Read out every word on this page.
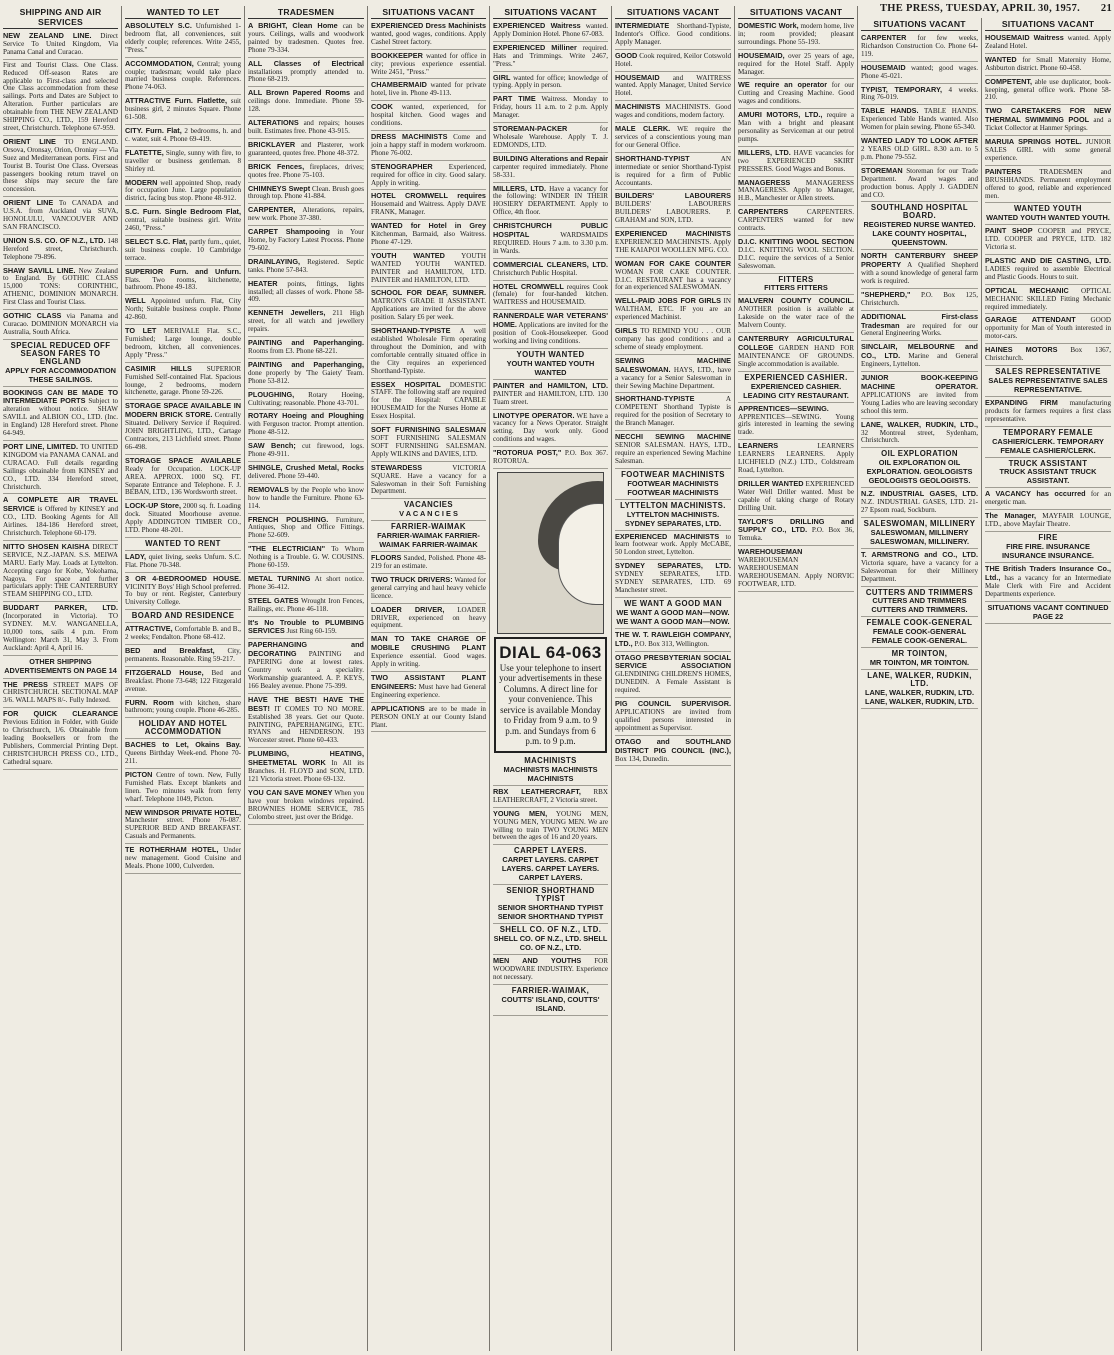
THE PRESS, TUESDAY, APRIL 30, 1957. 21
SHIPPING AND AIR SERVICES
NEW ZEALAND LINE. Direct Service To United Kingdom, Via Panama Canal and Curacao.
First and Tourist Class. One Class. Reduced Off-season Rates are applicable to First-class and selected One Class accommodation from these sailings. Ports and Dates are Subject to Alteration. Further particulars are obtainable from THE NEW ZEALAND SHIPPING CO., LTD., 159 Hereford street, Christchurch. Telephone 67-959.
ORIENT LINE TO ENGLAND. Orsova, Oronsay, Orion, Oroniay — Via Suez and Mediterranean ports. First and Tourist B. Tourist One Class. Overseas passengers booking return travel on these ships may secure the fare concession.
ORIENT LINE To CANADA and U.S.A. from Auckland via SUVA, HONOLULU, VANCOUVER AND SAN FRANCISCO.
UNION S.S. CO. OF N.Z., LTD. 148 Hereford street, Christchurch. Telephone 79-896.
SHAW SAVILL LINE. New Zealand to England. By GOTHIC CLASS 15,000 TONS: CORINTHIC, ATHENIC, DOMINION MONARCH. First Class and Tourist Class.
GOTHIC CLASS via Panama and Curacao. DOMINION MONARCH via Australia, South Africa.
SPECIAL REDUCED OFF SEASON FARES TO ENGLAND
APPLY FOR ACCOMMODATION THESE SAILINGS.
BOOKINGS CAN BE MADE TO INTERMEDIATE PORTS Subject to alteration without notice. SHAW SAVILL and ALBION CO., LTD. (Inc. in England) 128 Hereford street. Phone 64-949.
PORT LINE, LIMITED. TO UNITED KINGDOM via PANAMA CANAL and CURACAO. Full details regarding Sailings obtainable from KINSEY and CO., LTD. 334 Hereford street, Christchurch.
A COMPLETE AIR TRAVEL SERVICE is Offered by KINSEY and CO., LTD. Booking Agents for All Airlines. 184-186 Hereford street, Christchurch. Telephone 60-179.
NITTO SHOSEN KAISHA DIRECT SERVICE, N.Z.-JAPAN. S.S. MEIWA MARU. Early May. Loads at Lyttelton. Accepting cargo for Kobe, Yokohama, Nagoya. For space and further particulars apply: THE CANTERBURY STEAM SHIPPING CO., LTD.
BUDDART PARKER, LTD. (Incorporated in Victoria). TO SYDNEY. M.V. WANGANELLA, 10,000 tons, sails 4 p.m. From Wellington: March 31, May 3. From Auckland: April 4, April 16.
OTHER SHIPPING ADVERTISEMENTS ON PAGE 14
THE PRESS STREET MAPS OF CHRISTCHURCH. SECTIONAL MAP 3/6. WALL MAPS 8/-. Fully Indexed.
FOR QUICK CLEARANCE Previous Edition in Folder, with Guide to Christchurch, 1/6. Obtainable from leading Booksellers or from the Publishers, Commercial Printing Dept. CHRISTCHURCH PRESS CO., LTD., Cathedral square.
WANTED TO LET
ABSOLUTELY S.C. Unfurnished 1-bedroom flat, all conveniences, suit elderly couple; references. Write 2455, "Press."
ACCOMMODATION, Central; young couple; tradesman; would take place married business couple. References. Phone 74-063.
ATTRACTIVE Furn. Flatlette, suit business girl, 2 minutes Square. Phone 61-508.
CITY. Furn. Flat, 2 bedrooms, h. and c. water, suit 4. Phone 69-419.
FLATETTE, Single, sunny with fire, to traveller or business gentleman. 8 Shirley rd.
MODERN well appointed Shop, ready for occupation June. Large population district, facing bus stop. Phone 48-912.
S.C. Furn. Single Bedroom Flat, central, suitable business girl. Write 2460, "Press."
SELECT S.C. Flat, partly furn., quiet, suit business couple. 10 Cambridge terrace.
SUPERIOR Furn. and Unfurn. Flats. Two rooms, kitchenette, bathroom. Phone 49-183.
WELL Appointed unfurn. Flat, City North; Suitable business couple. Phone 42-860.
TO LET MERIVALE Flat. S.C., Furnished; Large lounge, double bedroom, kitchen, all conveniences. Apply "Press."
CASIMIR HILLS SUPERIOR Furnished Self-contained Flat. Spacious lounge, 2 bedrooms, modern kitchenette, garage. Phone 59-226.
STORAGE SPACE AVAILABLE IN MODERN BRICK STORE. Centrally Situated. Delivery Service if Required. JOHN BRIGHTLING, LTD., Cartage Contractors, 213 Lichfield street. Phone 66-498.
STORAGE SPACE AVAILABLE Ready for Occupation. LOCK-UP AREA. APPROX. 1000 SQ. FT. Separate Entrance and Telephone. F. J. BEBAN, LTD., 136 Wordsworth street.
LOCK-UP Store, 2000 sq. ft. Loading dock. Situated Moorhouse avenue. Apply ADDINGTON TIMBER CO., LTD. Phone 48-201.
WANTED TO RENT
LADY, quiet living, seeks Unfurn. S.C. Flat. Phone 70-348.
3 OR 4-BEDROOMED HOUSE. VICINITY Boys' High School preferred. To buy or rent. Register, Canterbury University College.
BOARD AND RESIDENCE
ATTRACTIVE, Comfortable B. and B., 2 weeks; Fendalton. Phone 68-412.
BED and Breakfast, City, permanents. Reasonable. Ring 59-217.
FITZGERALD House, Bed and Breakfast. Phone 73-648; 122 Fitzgerald avenue.
FURN. Room with kitchen, share bathroom; young couple. Phone 46-285.
HOLIDAY AND HOTEL ACCOMMODATION
BACHES to Let, Okains Bay. Queens Birthday Week-end. Phone 70-211.
PICTON Centre of town. New, Fully Furnished Flats. Except blankets and linen. Two minutes walk from ferry wharf. Telephone 1049, Picton.
NEW WINDSOR PRIVATE HOTEL, Manchester street. Phone 76-087. SUPERIOR BED AND BREAKFAST. Casuals and Permanents.
TE ROTHERHAM HOTEL, Under new management. Good Cuisine and Meals. Phone 1000, Culverden.
TRADESMEN
A BRIGHT, Clean Home can be yours. Ceilings, walls and woodwork painted by tradesmen. Quotes free. Phone 79-334.
ALL Classes of Electrical installations promptly attended to. Phone 68-219.
ALL Brown Papered Rooms and ceilings done. Immediate. Phone 59-128.
ALTERATIONS and repairs; houses built. Estimates free. Phone 43-915.
BRICKLAYER and Plasterer, work guaranteed, quotes free. Phone 48-372.
BRICK Fences, fireplaces, drives; quotes free. Phone 75-103.
CHIMNEYS Swept Clean. Brush goes through top. Phone 41-884.
CARPENTER, Alterations, repairs, new work. Phone 37-380.
CARPET Shampooing in Your Home, by Factory Latest Process. Phone 79-602.
DRAINLAYING, Registered. Septic tanks. Phone 57-843.
HEATER points, fittings, lights installed; all classes of work. Phone 58-409.
KENNETH Jewellers, 211 High street, for all watch and jewellery repairs.
PAINTING and Paperhanging. Rooms from £3. Phone 68-221.
PAINTING and Paperhanging, done properly by 'The Gaiety' Team. Phone 53-812.
PLOUGHING, Rotary Hoeing, Cultivating; reasonable. Phone 43-701.
ROTARY Hoeing and Ploughing with Ferguson tractor. Prompt attention. Phone 48-512.
SAW Bench; cut firewood, logs. Phone 49-911.
SHINGLE, Crushed Metal, Rocks delivered. Phone 59-440.
REMOVALS by the People who know how to handle the Furniture. Phone 63-114.
FRENCH POLISHING. Furniture, Antiques, Shop and Office Fittings. Phone 52-609.
"THE ELECTRICIAN" To Whom Nothing is a Trouble. G. W. COUSINS. Phone 60-159.
METAL TURNING At short notice. Phone 36-412.
STEEL GATES Wrought Iron Fences, Railings, etc. Phone 46-118.
It's No Trouble to PLUMBING SERVICES Just Ring 60-159.
PAPERHANGING and DECORATING PAINTING and PAPERING done at lowest rates. Country work a speciality. Workmanship guaranteed. A. P. KEYS, 166 Bealey avenue. Phone 75-399.
HAVE THE BEST! HAVE THE BEST! IT COMES TO NO MORE. Established 38 years. Get our Quote. PAINTING, PAPERHANGING, ETC. RYANS and HENDERSON. 193 Worcester street. Phone 60-433.
PLUMBING, HEATING, SHEETMETAL WORK In All its Branches. H. FLOYD and SON, LTD. 121 Victoria street. Phone 69-132.
YOU CAN SAVE MONEY When you have your broken windows repaired. BROWNIES HOME SERVICE, 785 Colombo street, just over the Bridge.
SITUATIONS VACANT
EXPERIENCED Dress Machinists wanted, good wages, conditions. Apply Cashel Street factory.
BOOKKEEPER wanted for office in city; previous experience essential. Write 2451, "Press."
CHAMBERMAID wanted for private hotel, live in. Phone 49-113.
COOK wanted, experienced, for hospital kitchen. Good wages and conditions.
DRESS MACHINISTS Come and join a happy staff in modern workroom. Phone 76-002.
STENOGRAPHER Experienced, required for office in city. Good salary. Apply in writing.
HOTEL CROMWELL requires Housemaid and Waitress. Apply DAVE FRANK, Manager.
WANTED for Hotel in Grey Kitchenman, Barmaid, also Waitress. Phone 47-129.
YOUTH WANTED YOUTH WANTED YOUTH WANTED. PAINTER and HAMILTON, LTD. PAINTER and HAMILTON, LTD.
SCHOOL FOR DEAF, SUMNER. MATRON'S GRADE II ASSISTANT. Applications are invited for the above position. Salary £6 per week.
SHORTHAND-TYPISTE A well established Wholesale Firm operating throughout the Dominion, and with comfortable centrally situated office in the City requires an experienced Shorthand-Typiste.
ESSEX HOSPITAL DOMESTIC STAFF. The following staff are required for the Hospital: CAPABLE HOUSEMAID for the Nurses Home at Essex Hospital.
SOFT FURNISHING SALESMAN SOFT FURNISHING SALESMAN SOFT FURNISHING SALESMAN. Apply WILKINS and DAVIES, LTD.
STEWARDESS	VICTORIA SQUARE. Have a vacancy for a Saleswoman in their Soft Furnishing Department.
VACANCIES
V A C A N C I E S
FARRIER-WAIMAK
FARRIER-WAIMAK FARRIER-WAIMAK FARRIER-WAIMAK
FLOORS Sanded, Polished. Phone 48-219 for an estimate.
TWO TRUCK DRIVERS: Wanted for general carrying and haul heavy vehicle licence.
LOADER DRIVER, LOADER DRIVER, experienced on heavy equipment.
MAN TO TAKE CHARGE OF MOBILE CRUSHING PLANT Experience essential. Good wages. Apply in writing.
TWO ASSISTANT PLANT ENGINEERS: Must have had General Engineering experience.
APPLICATIONS are to be made in PERSON ONLY at our County Island Plant.
SITUATIONS VACANT
EXPERIENCED Waitress wanted. Apply Dominion Hotel. Phone 67-083.
EXPERIENCED Milliner required. Hats and Trimmings. Write 2467, "Press."
GIRL wanted for office; knowledge of typing. Apply in person.
PART TIME Waitress. Monday to Friday, hours 11 a.m. to 2 p.m. Apply Manager.
STOREMAN-PACKER	for Wholesale Warehouse. Apply T. J. EDMONDS, LTD.
BUILDING Alterations and Repair carpenter required immediately. Phone 58-331.
MILLERS, LTD. Have a vacancy for the following: WINDER IN THEIR HOSIERY DEPARTMENT. Apply to Office, 4th floor.
CHRISTCHURCH PUBLIC HOSPITAL	WARDSMAIDS REQUIRED. Hours 7 a.m. to 3.30 p.m. in Wards.
COMMERCIAL CLEANERS, LTD. Christchurch Public Hospital.
HOTEL CROMWELL requires Cook (female) for four-handed kitchen. WAITRESS and HOUSEMAID.
RANNERDALE WAR VETERANS' HOME. Applications are invited for the position of Cook-Housekeeper. Good working and living conditions.
YOUTH WANTED
YOUTH WANTED YOUTH WANTED
PAINTER and HAMILTON, LTD. PAINTER and HAMILTON, LTD. 130 Tuam street.
LINOTYPE OPERATOR. WE have a vacancy for a News Operator. Straight setting. Day work only. Good conditions and wages.
"ROTORUA POST," P.O. Box 367. ROTORUA.
DIAL 64-063
Use your telephone to insert your advertisements in these Columns. A direct line for your convenience. This service is available Monday to Friday from 9 a.m. to 9 p.m. and Sundays from 6 p.m. to 9 p.m.
MACHINISTS
MACHINISTS MACHINISTS MACHINISTS
RBX LEATHERCRAFT, RBX LEATHERCRAFT, 2 Victoria street.
YOUNG MEN, YOUNG MEN, YOUNG MEN, YOUNG MEN. We are willing to train TWO YOUNG MEN between the ages of 16 and 20 years.
CARPET LAYERS.
CARPET LAYERS. CARPET LAYERS. CARPET LAYERS. CARPET LAYERS.
SENIOR SHORTHAND TYPIST
SENIOR SHORTHAND TYPIST SENIOR SHORTHAND TYPIST
SHELL CO. OF N.Z., LTD.
SHELL CO. OF N.Z., LTD. SHELL CO. OF N.Z., LTD.
MEN AND YOUTHS FOR WOODWARE INDUSTRY. Experience not necessary.
FARRIER-WAIMAK,
COUTTS' ISLAND, COUTTS' ISLAND.
SITUATIONS VACANT
INTERMEDIATE Shorthand-Typiste, Indentor's Office. Good conditions. Apply Manager.
GOOD Cook required, Keilor Cotswold Hotel.
HOUSEMAID and WAITRESS wanted. Apply Manager, United Service Hotel.
MACHINISTS MACHINISTS. Good wages and conditions, modern factory.
MALE CLERK. WE require the services of a conscientious young man for our General Office.
SHORTHAND-TYPIST	AN intermediate or senior Shorthand-Typist is required for a firm of Public Accountants.
BUILDERS' LABOURERS BUILDERS' LABOURERS BUILDERS' LABOURERS. P. GRAHAM and SON, LTD.
EXPERIENCED MACHINISTS EXPERIENCED MACHINISTS. Apply THE KAIAPOI WOOLLEN MFG. CO.
WOMAN FOR CAKE COUNTER WOMAN FOR CAKE COUNTER. D.I.C. RESTAURANT has a vacancy for an experienced SALESWOMAN.
WELL-PAID JOBS FOR GIRLS IN WALTHAM, ETC. IF you are an experienced Machinist.
GIRLS TO REMIND YOU . . . OUR company has good conditions and a scheme of steady employment.
SEWING MACHINE SALESWOMAN. HAYS, LTD., have a vacancy for a Senior Saleswoman in their Sewing Machine Department.
SHORTHAND-TYPISTE	A COMPETENT Shorthand Typiste is required for the position of Secretary to the Branch Manager.
NECCHI SEWING MACHINE SENIOR SALESMAN. HAYS, LTD., require an experienced Sewing Machine Salesman.
FOOTWEAR MACHINISTS
FOOTWEAR MACHINISTS FOOTWEAR MACHINISTS
LYTTELTON MACHINISTS.
LYTTELTON MACHINISTS. SYDNEY SEPARATES, LTD.
EXPERIENCED MACHINISTS to learn footwear work. Apply McCABE, 50 London street, Lyttelton.
SYDNEY SEPARATES, LTD. SYDNEY SEPARATES, LTD. SYDNEY SEPARATES, LTD. 69 Manchester street.
WE WANT A GOOD MAN
WE WANT A GOOD MAN—NOW. WE WANT A GOOD MAN—NOW.
THE W. T. RAWLEIGH COMPANY, LTD., P.O. Box 313, Wellington.
OTAGO PRESBYTERIAN SOCIAL SERVICE ASSOCIATION GLENDINING CHILDREN'S HOMES, DUNEDIN. A Female Assistant is required.
PIG COUNCIL SUPERVISOR. APPLICATIONS are invited from qualified persons interested in appointment as Supervisor.
OTAGO and SOUTHLAND DISTRICT PIG COUNCIL (INC.), Box 134, Dunedin.
SITUATIONS VACANT
DOMESTIC Work, modern home, live in; room provided; pleasant surroundings. Phone 55-193.
HOUSEMAID, over 25 years of age, required for the Hotel Staff. Apply Manager.
WE require an operator for our Cutting and Creasing Machine. Good wages and conditions.
AMURI MOTORS, LTD., require a Man with a bright and pleasant personality as Serviceman at our petrol pumps.
MILLERS, LTD. HAVE vacancies for two EXPERIENCED SKIRT PRESSERS. Good Wages and Bonus.
MANAGERESS MANAGERESS MANAGERESS. Apply to Manager, H.B., Manchester or Allen streets.
CARPENTERS	CARPENTERS. CARPENTERS wanted for new contracts.
D.I.C. KNITTING WOOL SECTION D.I.C. KNITTING WOOL SECTION. D.I.C. require the services of a Senior Saleswoman.
FITTERS
FITTERS FITTERS
MALVERN COUNTY COUNCIL. ANOTHER position is available at Lakeside on the water race of the Malvern County.
CANTERBURY AGRICULTURAL COLLEGE GARDEN HAND FOR MAINTENANCE OF GROUNDS. Single accommodation is available.
EXPERIENCED CASHIER.
EXPERIENCED CASHIER. LEADING CITY RESTAURANT.
APPRENTICES—SEWING. APPRENTICES—SEWING. Young girls interested in learning the sewing trade.
LEARNERS	LEARNERS LEARNERS LEARNERS. Apply LICHFIELD (N.Z.) LTD., Coldstream Road, Lyttelton.
DRILLER WANTED EXPERIENCED Water Well Driller wanted. Must be capable of taking charge of Rotary Drilling Unit.
TAYLOR'S DRILLING and SUPPLY CO., LTD. P.O. Box 36, Temuka.
WAREHOUSEMAN WAREHOUSEMAN WAREHOUSEMAN WAREHOUSEMAN. Apply NORVIC FOOTWEAR, LTD.
SITUATIONS VACANT
CARPENTER for few weeks, Richardson Construction Co. Phone 64-119.
HOUSEMAID wanted; good wages. Phone 45-021.
TYPIST, TEMPORARY, 4 weeks. Ring 76-019.
TABLE HANDS. TABLE HANDS. Experienced Table Hands wanted. Also Women for plain sewing. Phone 65-340.
WANTED LADY TO LOOK AFTER 2 YEARS OLD GIRL. 8.30 a.m. to 5 p.m. Phone 79-552.
STOREMAN Storeman for our Trade Department. Award wages and production bonus. Apply J. GADDEN and CO.
SOUTHLAND HOSPITAL BOARD.
REGISTERED NURSE WANTED. LAKE COUNTY HOSPITAL, QUEENSTOWN.
NORTH CANTERBURY SHEEP PROPERTY A Qualified Shepherd with a sound knowledge of general farm work is required.
"SHEPHERD," P.O. Box 125, Christchurch.
ADDITIONAL First-class Tradesman are required for our General Engineering Works.
SINCLAIR, MELBOURNE and CO., LTD. Marine and General Engineers, Lyttelton.
JUNIOR BOOK-KEEPING MACHINE OPERATOR. APPLICATIONS are invited from Young Ladies who are leaving secondary school this term.
LANE, WALKER, RUDKIN, LTD., 32 Montreal street, Sydenham, Christchurch.
OIL EXPLORATION
OIL EXPLORATION OIL EXPLORATION. GEOLOGISTS GEOLOGISTS GEOLOGISTS.
N.Z. INDUSTRIAL GASES, LTD. N.Z. INDUSTRIAL GASES, LTD. 21-27 Epsom road, Sockburn.
SALESWOMAN, MILLINERY
SALESWOMAN, MILLINERY SALESWOMAN, MILLINERY.
T. ARMSTRONG and CO., LTD. Victoria square, have a vacancy for a Saleswoman for their Millinery Department.
CUTTERS AND TRIMMERS
CUTTERS AND TRIMMERS CUTTERS AND TRIMMERS.
FEMALE COOK-GENERAL
FEMALE COOK-GENERAL FEMALE COOK-GENERAL.
MR TOINTON,
MR TOINTON, MR TOINTON.
LANE, WALKER, RUDKIN, LTD.
LANE, WALKER, RUDKIN, LTD. LANE, WALKER, RUDKIN, LTD.
SITUATIONS VACANT
HOUSEMAID Waitress wanted. Apply Zealand Hotel.
WANTED for Small Maternity Home, Ashburton district. Phone 60-458.
COMPETENT, able use duplicator, book-keeping, general office work. Phone 58-210.
TWO CARETAKERS FOR NEW THERMAL SWIMMING POOL and a Ticket Collector at Hanmer Springs.
MARUIA SPRINGS HOTEL. JUNIOR SALES GIRL with some general experience.
PAINTERS	TRADESMEN and BRUSHHANDS. Permanent employment offered to good, reliable and experienced men.
WANTED YOUTH
WANTED YOUTH WANTED YOUTH.
PAINT SHOP COOPER and PRYCE, LTD. COOPER and PRYCE, LTD. 182 Victoria st.
PLASTIC AND DIE CASTING, LTD. LADIES required to assemble Electrical and Plastic Goods. Hours to suit.
OPTICAL MECHANIC OPTICAL MECHANIC SKILLED Fitting Mechanic required immediately.
GARAGE ATTENDANT GOOD opportunity for Man of Youth interested in motor-cars.
HAINES MOTORS Box 1367, Christchurch.
SALES REPRESENTATIVE
SALES REPRESENTATIVE SALES REPRESENTATIVE.
EXPANDING FIRM manufacturing products for farmers requires a first class representative.
TEMPORARY FEMALE
CASHIER/CLERK. TEMPORARY FEMALE CASHIER/CLERK.
TRUCK ASSISTANT
TRUCK ASSISTANT TRUCK ASSISTANT.
A VACANCY has occurred for an energetic man.
The Manager, MAYFAIR LOUNGE, LTD., above Mayfair Theatre.
FIRE
FIRE FIRE. INSURANCE INSURANCE INSURANCE.
THE British Traders Insurance Co., Ltd., has a vacancy for an Intermediate Male Clerk with Fire and Accident Departments experience.
SITUATIONS VACANT CONTINUED PAGE 22
